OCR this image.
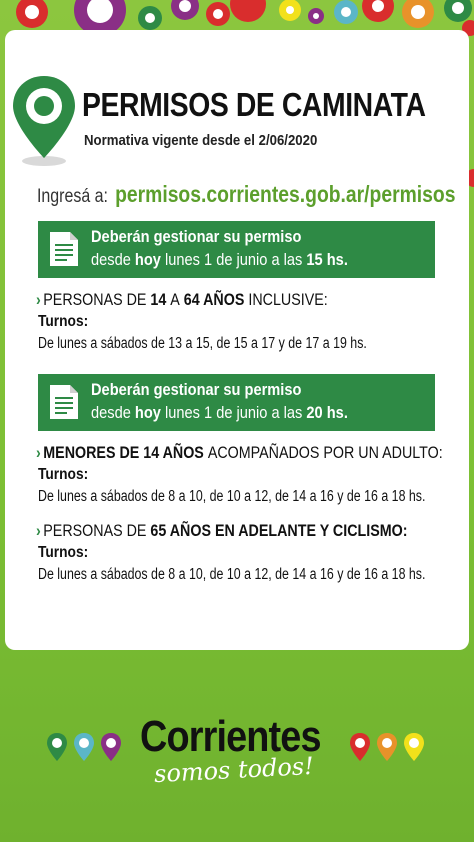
PERMISOS DE CAMINATA

Normativa vigente desde el 2/06/2020

Ingresá a: permisos.corrientes.gob.ar/permisos
Deberán gestionar su permiso
desde hoy lunes 1 de junio a las 15 hs.
› PERSONAS DE
14
A
64 AÑOS
INCLUSIVE:
Turnos:
De lunes a sábados de 13 a 15, de 15 a 17 y de 17 a 19 hs.
Deberán gestionar su permiso
desde hoy lunes 1 de junio a las 20 hs.
› MENORES DE 14 AÑOS
ACOMPAÑADOS POR UN ADULTO:
Turnos:
De lunes a sábados de 8 a 10, de 10 a 12, de 14 a 16 y de 16 a 18 hs.
› PERSONAS DE
65 AÑOS EN ADELANTE Y CICLISMO:
Turnos:
De lunes a sábados de 8 a 10, de 10 a 12, de 14 a 16 y de 16 a 18 hs.
Corrientes
somos todos!
